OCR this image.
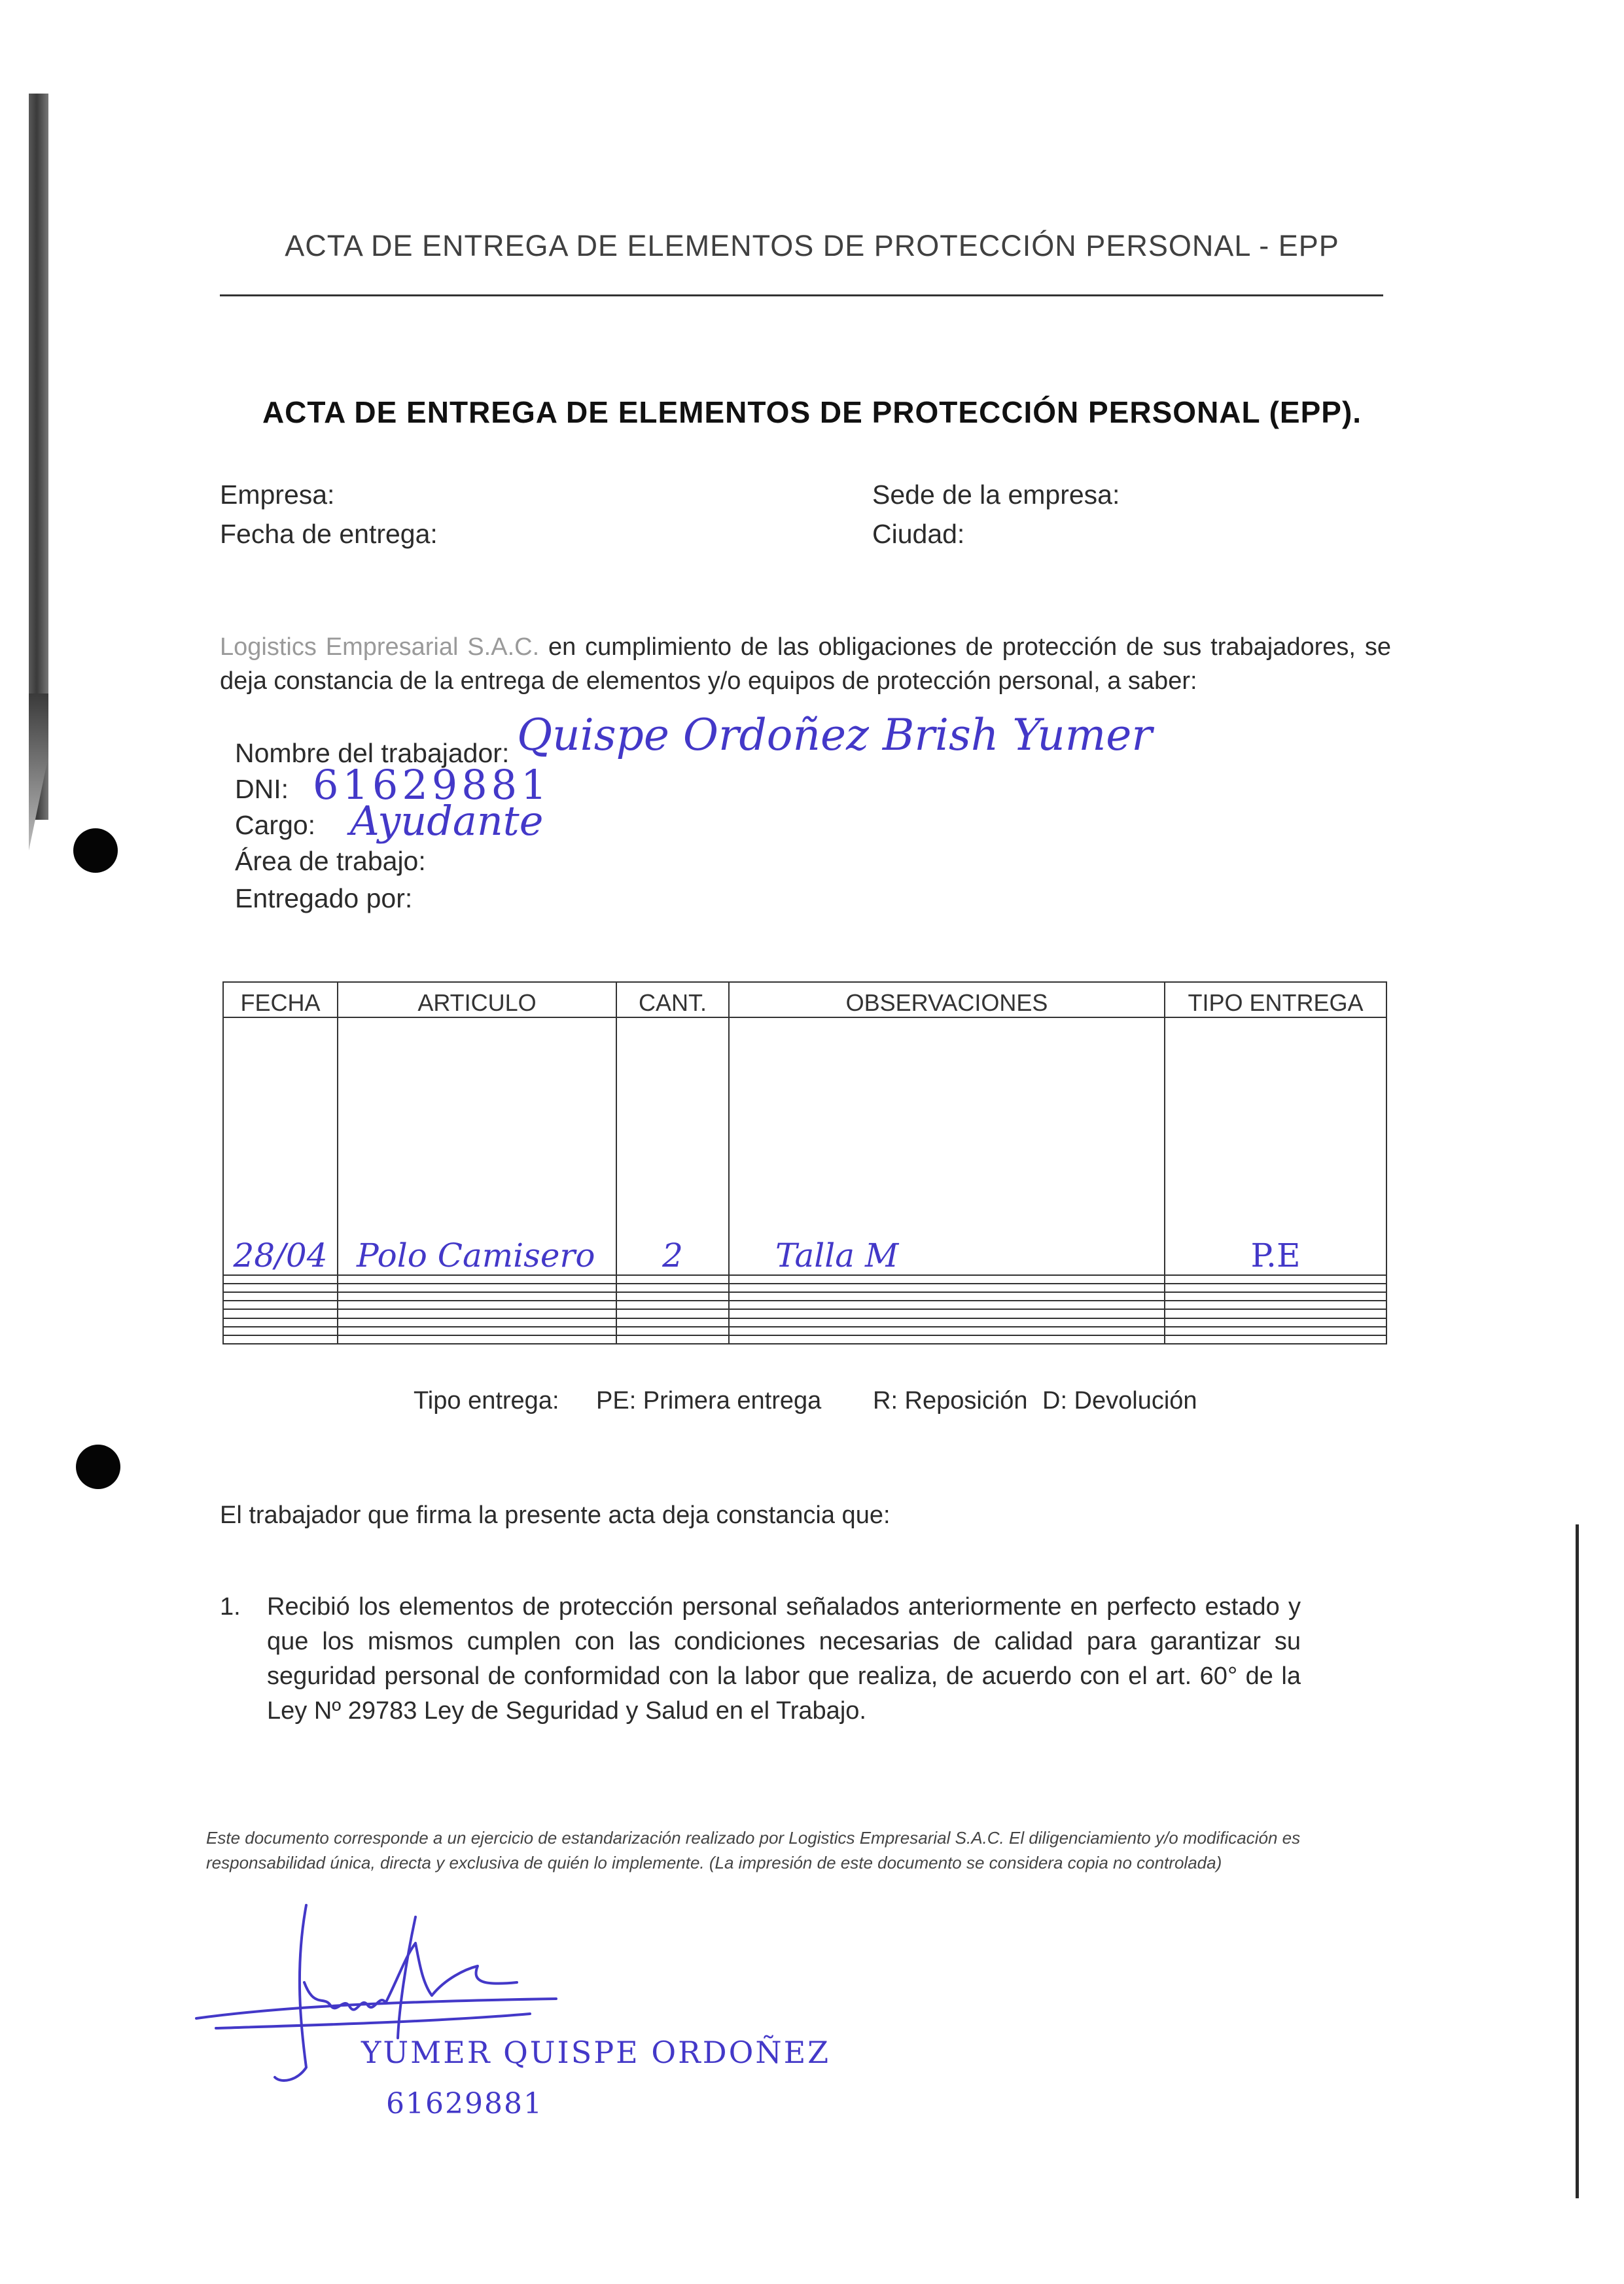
ACTA DE ENTREGA DE ELEMENTOS DE PROTECCIÓN PERSONAL - EPP
ACTA DE ENTREGA DE ELEMENTOS DE PROTECCIÓN PERSONAL (EPP).
Empresa:
Fecha de entrega:
Sede de la empresa:
Ciudad:
Logistics Empresarial S.A.C. en cumplimiento de las obligaciones de protección de sus trabajadores, se deja constancia de la entrega de elementos y/o equipos de protección personal, a saber:
Nombre del trabajador: Quispe Ordoñez Brish Yumer
DNI: 61629881
Cargo: Ayudante
Área de trabajo:
Entregado por:
FECHA	ARTICULO	CANT.	OBSERVACIONES	TIPO ENTREGA
28/04	Polo Camisero	2	Talla M	P.E

Tipo entrega: PE: Primera entrega R: Reposición D: Devolución
El trabajador que firma la presente acta deja constancia que:
1. Recibió los elementos de protección personal señalados anteriormente en perfecto estado y que los mismos cumplen con las condiciones necesarias de calidad para garantizar su seguridad personal de conformidad con la labor que realiza, de acuerdo con el art. 60° de la Ley Nº 29783 Ley de Seguridad y Salud en el Trabajo.
Este documento corresponde a un ejercicio de estandarización realizado por Logistics Empresarial S.A.C. El diligenciamiento y/o modificación es responsabilidad única, directa y exclusiva de quién lo implemente. (La impresión de este documento se considera copia no controlada)
YUMER QUISPE ORDOÑEZ
61629881
